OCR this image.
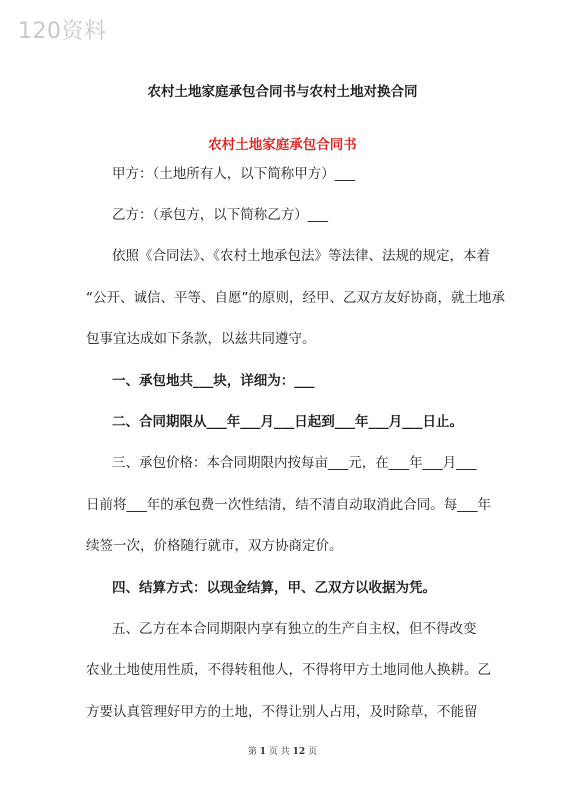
120资料
农村土地家庭承包合同书与农村土地对换合同
农村土地家庭承包合同书
甲方：（土地所有人，以下简称甲方）___
乙方：（承包方，以下简称乙方）___
依照《合同法》、《农村土地承包法》等法律、法规的规定，本着
“公开、诚信、平等、自愿”的原则，经甲、乙双方友好协商，就土地承
包事宜达成如下条款，以兹共同遵守。
一、承包地共___块，详细为：___
二、合同期限从___年___月___日起到___年___月___日止。
三、承包价格：本合同期限内按每亩___元，在___年___月___
日前将___年的承包费一次性结清，结不清自动取消此合同。每___年
续签一次，价格随行就市，双方协商定价。
四、结算方式：以现金结算，甲、乙双方以收据为凭。
五、乙方在本合同期限内享有独立的生产自主权，但不得改变
农业土地使用性质，不得转租他人，不得将甲方土地同他人换耕。乙
方要认真管理好甲方的土地，不得让别人占用，及时除草，不能留
第 1 页 共 12 页
